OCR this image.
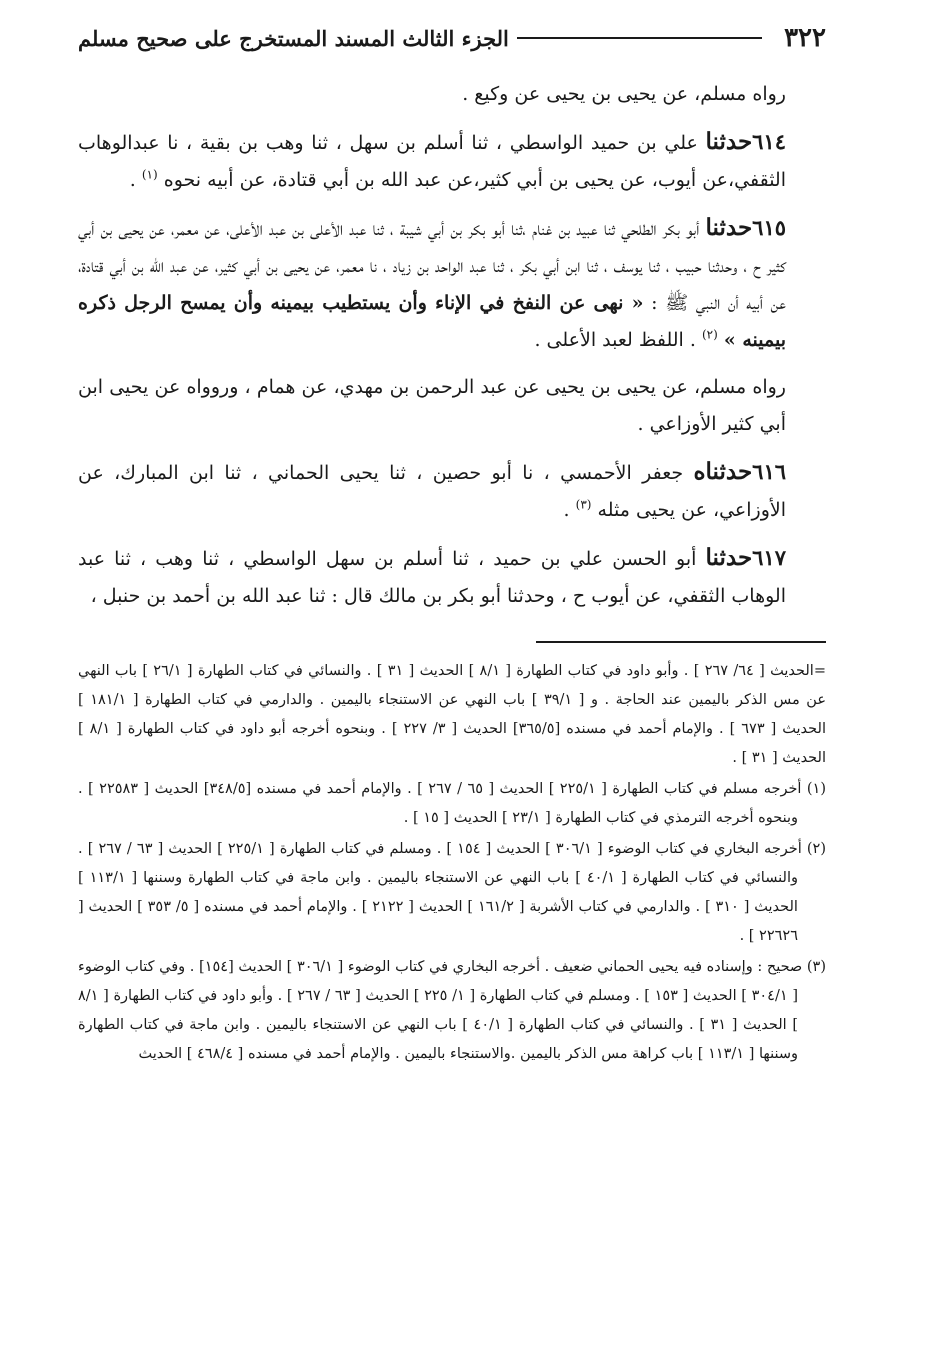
٣٢٢
الجزء الثالث المسند المستخرج على صحيح مسلم

رواه مسلم، عن يحيى بن يحيى عن وكيع .

٦١٤حدثنا علي بن حميد الواسطي ، ثنا أسلم بن سهل ، ثنا وهب بن بقية ، نا عبدالوهاب الثقفي،عن أيوب، عن يحيى بن أبي كثير،عن عبد الله بن أبي قتادة، عن أبيه نحوه $^{(١)}$ .

٦١٥حدثنا أبو بكر الطلحي ثنا عبيد بن غنام ،ثنا أبو بكر بن أبي شيبة ، ثنا عبد الأعلى بن عبد الأعلى، عن معمر، عن يحيى بن أبي كثير ح ، وحدثنا حبيب ، ثنا يوسف ، ثنا ابن أبي بكر ، ثنا عبد الواحد بن زياد ، نا معمر، عن يحيى بن أبي كثير، عن عبد الله بن أبي قتادة، عن أبيه أن النبي ﷺ : « نهى عن النفخ في الإناء وأن يستطيب بيمينه وأن يمسح الرجل ذكره بيمينه » $^{(٢)}$ . اللفظ لعبد الأعلى .

رواه مسلم، عن يحيى بن يحيى عن عبد الرحمن بن مهدي، عن همام ، وروواه عن يحيى ابن أبي كثير الأوزاعي .

٦١٦حدثناه جعفر الأحمسي ، نا أبو حصين ، ثنا يحيى الحماني ، ثنا ابن المبارك، عن الأوزاعي، عن يحيى مثله $^{(٣)}$ .

٦١٧حدثنا أبو الحسن علي بن حميد ، ثنا أسلم بن سهل الواسطي ، ثنا وهب ، ثنا عبد الوهاب الثقفي، عن أيوب ح ، وحدثنا أبو بكر بن مالك قال : ثنا عبد الله بن أحمد بن حنبل ،

=الحديث [ ٦٤/ ٢٦٧ ] . وأبو داود في كتاب الطهارة [ ٨/١ ] الحديث [ ٣١ ] . والنسائي في كتاب الطهارة [ ٢٦/١ ] باب النهي عن مس الذكر باليمين عند الحاجة . و [ ٣٩/١ ] باب النهي عن الاستنجاء باليمين . والدارمي في كتاب الطهارة [ ١٨١/١ ] الحديث [ ٦٧٣ ] . والإمام أحمد في مسنده [٣٦٥/٥] الحديث [ ٣/ ٢٢٧ ] . وبنحوه أخرجه أبو داود في كتاب الطهارة [ ٨/١ ] الحديث [ ٣١ ] .

(١) أخرجه مسلم في كتاب الطهارة [ ٢٢٥/١ ] الحديث [ ٦٥ / ٢٦٧ ] . والإمام أحمد في مسنده [٣٤٨/٥] الحديث [ ٢٢٥٨٣ ] . وبنحوه أخرجه الترمذي في كتاب الطهارة [ ٢٣/١ ] الحديث [ ١٥ ] .

(٢) أخرجه البخاري في كتاب الوضوء [ ٣٠٦/١ ] الحديث [ ١٥٤ ] . ومسلم في كتاب الطهارة [ ٢٢٥/١ ] الحديث [ ٦٣ / ٢٦٧ ] . والنسائي في كتاب الطهارة [ ٤٠/١ ] باب النهي عن الاستنجاء باليمين . وابن ماجة في كتاب الطهارة وسننها [ ١١٣/١ ] الحديث [ ٣١٠ ] . والدارمي في كتاب الأشربة [ ١٦١/٢ ] الحديث [ ٢١٢٢ ] . والإمام أحمد في مسنده [ ٥/ ٣٥٣ ] الحديث [ ٢٢٦٢٦ ] .

(٣) صحيح : وإسناده فيه يحيى الحماني ضعيف . أخرجه البخاري في كتاب الوضوء [ ٣٠٦/١ ] الحديث [١٥٤] . وفي كتاب الوضوء [ ٣٠٤/١ ] الحديث [ ١٥٣ ] . ومسلم في كتاب الطهارة [ ١/ ٢٢٥ ] الحديث [ ٦٣ / ٢٦٧ ] . وأبو داود في كتاب الطهارة [ ٨/١ ] الحديث [ ٣١ ] . والنسائي في كتاب الطهارة [ ٤٠/١ ] باب النهي عن الاستنجاء باليمين . وابن ماجة في كتاب الطهارة وسننها [ ١١٣/١ ] باب كراهة مس الذكر باليمين .والاستنجاء باليمين . والإمام أحمد في مسنده [ ٤٦٨/٤ ] الحديث
